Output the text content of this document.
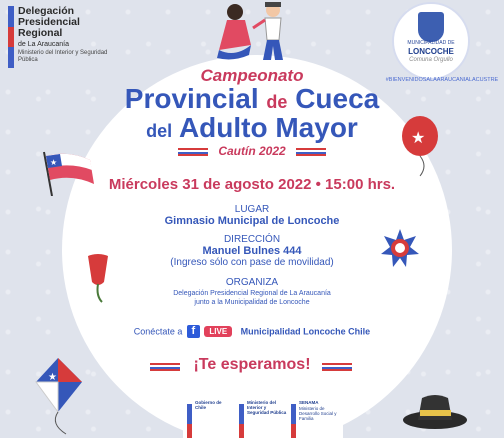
Delegación
Presidencial
Regional
de La Araucanía
Ministerio del Interior y Seguridad Pública
MUNICIPALIDAD DE
LONCOCHE
Comuna Orgullo
#BIENVENIDOSALAARAUCANIALACUSTRE
Campeonato
Provincial de Cueca
del Adulto Mayor
Cautín 2022
★
★
Miércoles 31 de agosto 2022 • 15:00 hrs.
LUGAR
Gimnasio Municipal de Loncoche
DIRECCIÓN
Manuel Bulnes 444
(Ingreso sólo con pase de movilidad)
ORGANIZA
Delegación Presidencial Regional de La Araucanía
junto a la Municipalidad de Loncoche
Conéctate a f LIVE Municipalidad Loncoche Chile
¡Te esperamos!
★
Gobierno de Chile
Ministerio del Interior y Seguridad Pública
SENAMA
Ministerio de Desarrollo Social y Familia
